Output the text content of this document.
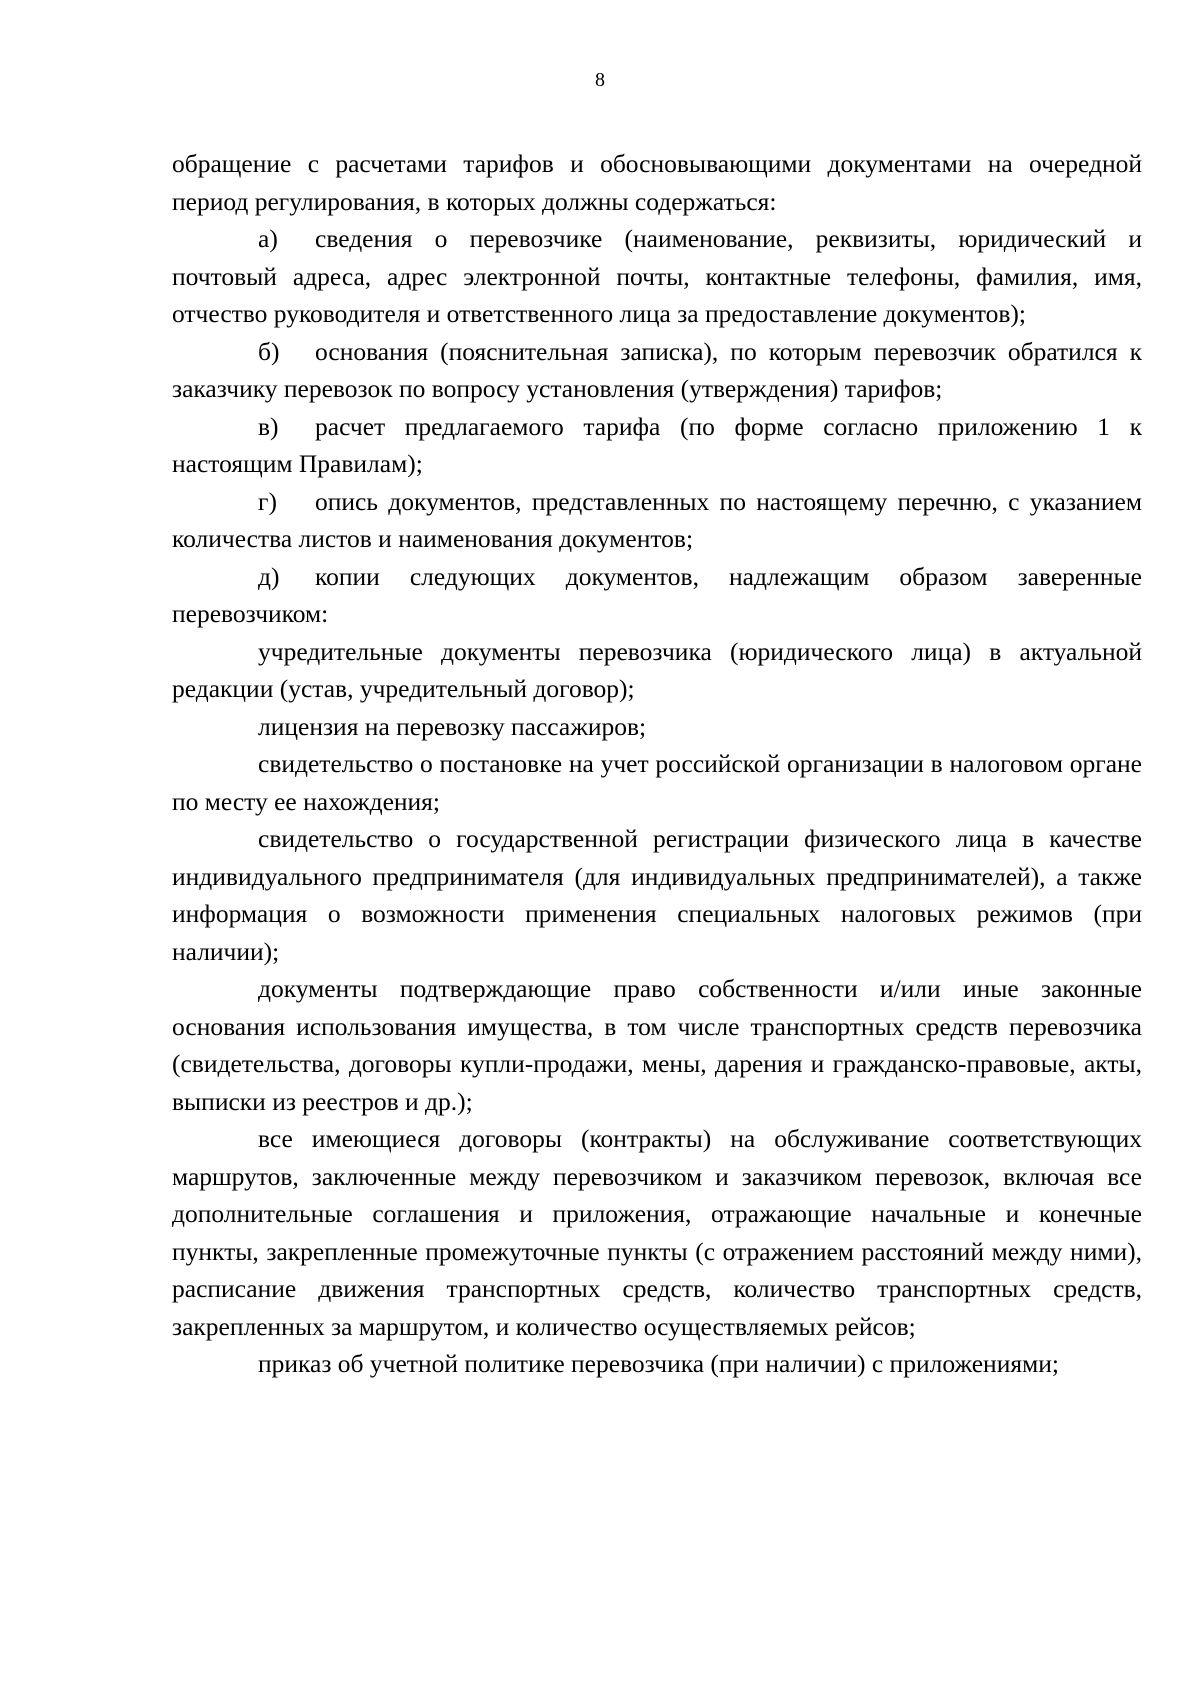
8

обращение с расчетами тарифов и обосновывающими документами на очередной период регулирования, в которых должны содержаться:

а) сведения о перевозчике (наименование, реквизиты, юридический и почтовый адреса, адрес электронной почты, контактные телефоны, фамилия, имя, отчество руководителя и ответственного лица за предоставление документов);

б) основания (пояснительная записка), по которым перевозчик обратился к заказчику перевозок по вопросу установления (утверждения) тарифов;

в) расчет предлагаемого тарифа (по форме согласно приложению 1 к настоящим Правилам);

г) опись документов, представленных по настоящему перечню, с указанием количества листов и наименования документов;

д) копии следующих документов, надлежащим образом заверенные перевозчиком:

учредительные документы перевозчика (юридического лица) в актуальной редакции (устав, учредительный договор);

лицензия на перевозку пассажиров;

свидетельство о постановке на учет российской организации в налоговом органе по месту ее нахождения;

свидетельство о государственной регистрации физического лица в качестве индивидуального предпринимателя (для индивидуальных предпринимателей), а также информация о возможности применения специальных налоговых режимов (при наличии);

документы подтверждающие право собственности и/или иные законные основания использования имущества, в том числе транспортных средств перевозчика (свидетельства, договоры купли-продажи, мены, дарения и гражданско-правовые, акты, выписки из реестров и др.);

все имеющиеся договоры (контракты) на обслуживание соответствующих маршрутов, заключенные между перевозчиком и заказчиком перевозок, включая все дополнительные соглашения и приложения, отражающие начальные и конечные пункты, закрепленные промежуточные пункты (с отражением расстояний между ними), расписание движения транспортных средств, количество транспортных средств, закрепленных за маршрутом, и количество осуществляемых рейсов;

приказ об учетной политике перевозчика (при наличии) с приложениями;
